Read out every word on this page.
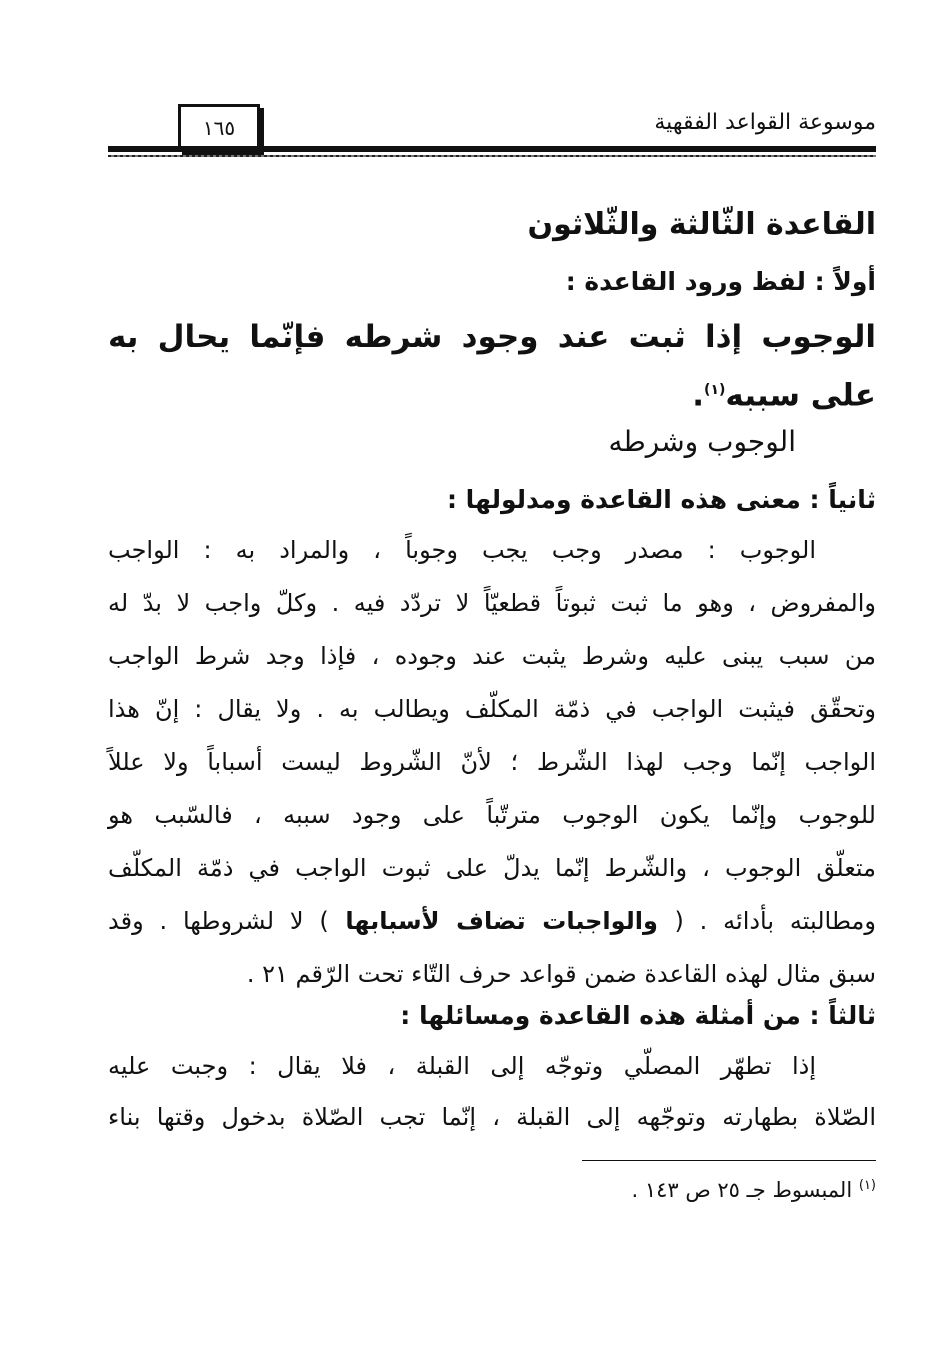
موسوعة القواعد الفقهية
١٦٥
القاعدة الثّالثة والثّلاثون
أولاً : لفظ ورود القاعدة :
الوجوب إذا ثبت عند وجود شرطه فإنّما يحال به
على سببه$^{(١)}$.
الوجوب وشرطه
ثانياً : معنى هذه القاعدة ومدلولها :
الوجوب : مصدر وجب يجب وجوباً ، والمراد به : الواجب
والمفروض ، وهو ما ثبت ثبوتاً قطعيّاً لا تردّد فيه . وكلّ واجب لا بدّ له
من سبب يبنى عليه وشرط يثبت عند وجوده ، فإذا وجد شرط الواجب
وتحقّق فيثبت الواجب في ذمّة المكلّف ويطالب به . ولا يقال : إنّ هذا
الواجب إنّما وجب لهذا الشّرط ؛ لأنّ الشّروط ليست أسباباً ولا عللاً
للوجوب وإنّما يكون الوجوب مترتّباً على وجود سببه ، فالسّبب هو
متعلّق الوجوب ، والشّرط إنّما يدلّ على ثبوت الواجب في ذمّة المكلّف
ومطالبته بأدائه . ( والواجبات تضاف لأسبابها ) لا لشروطها . وقد
سبق مثال لهذه القاعدة ضمن قواعد حرف التّاء تحت الرّقم ٢١ .
ثالثاً : من أمثلة هذه القاعدة ومسائلها :
إذا تطهّر المصلّي وتوجّه إلى القبلة ، فلا يقال : وجبت عليه
الصّلاة بطهارته وتوجّهه إلى القبلة ، إنّما تجب الصّلاة بدخول وقتها بناء
$^{(١)}$ المبسوط جـ ٢٥ ص ١٤٣ .
